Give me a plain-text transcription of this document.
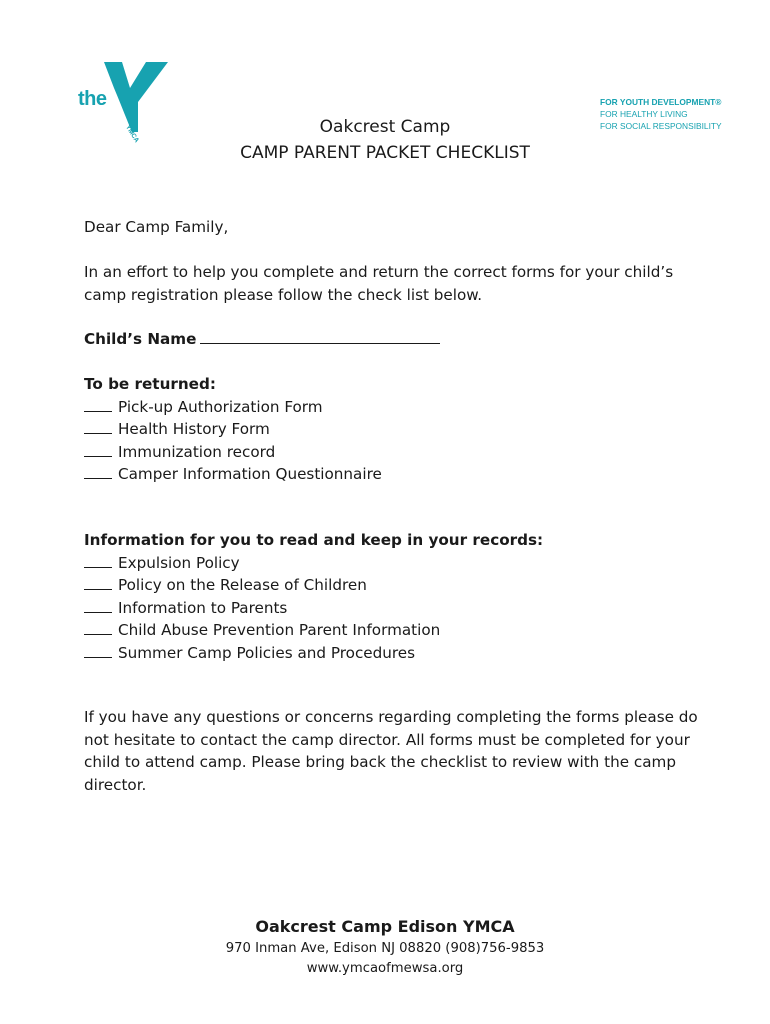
the
YMCA
FOR YOUTH DEVELOPMENT®
FOR HEALTHY LIVING
FOR SOCIAL RESPONSIBILITY
Oakcrest Camp
CAMP PARENT PACKET CHECKLIST

Dear Camp Family,

In an effort to help you complete and return the correct forms for your child’s

camp registration please follow the check list below.

Child’s Name

To be returned:

Pick-up Authorization Form
Health History Form
Immunization record
Camper Information Questionnaire

Information for you to read and keep in your records:

Expulsion Policy
Policy on the Release of Children
Information to Parents
Child Abuse Prevention Parent Information
Summer Camp Policies and Procedures

If you have any questions or concerns regarding completing the forms please do

not hesitate to contact the camp director. All forms must be completed for your

child to attend camp. Please bring back the checklist to review with the camp

director.

Oakcrest Camp Edison YMCA
970 Inman Ave, Edison NJ 08820 (908)756-9853
www.ymcaofmewsa.org
